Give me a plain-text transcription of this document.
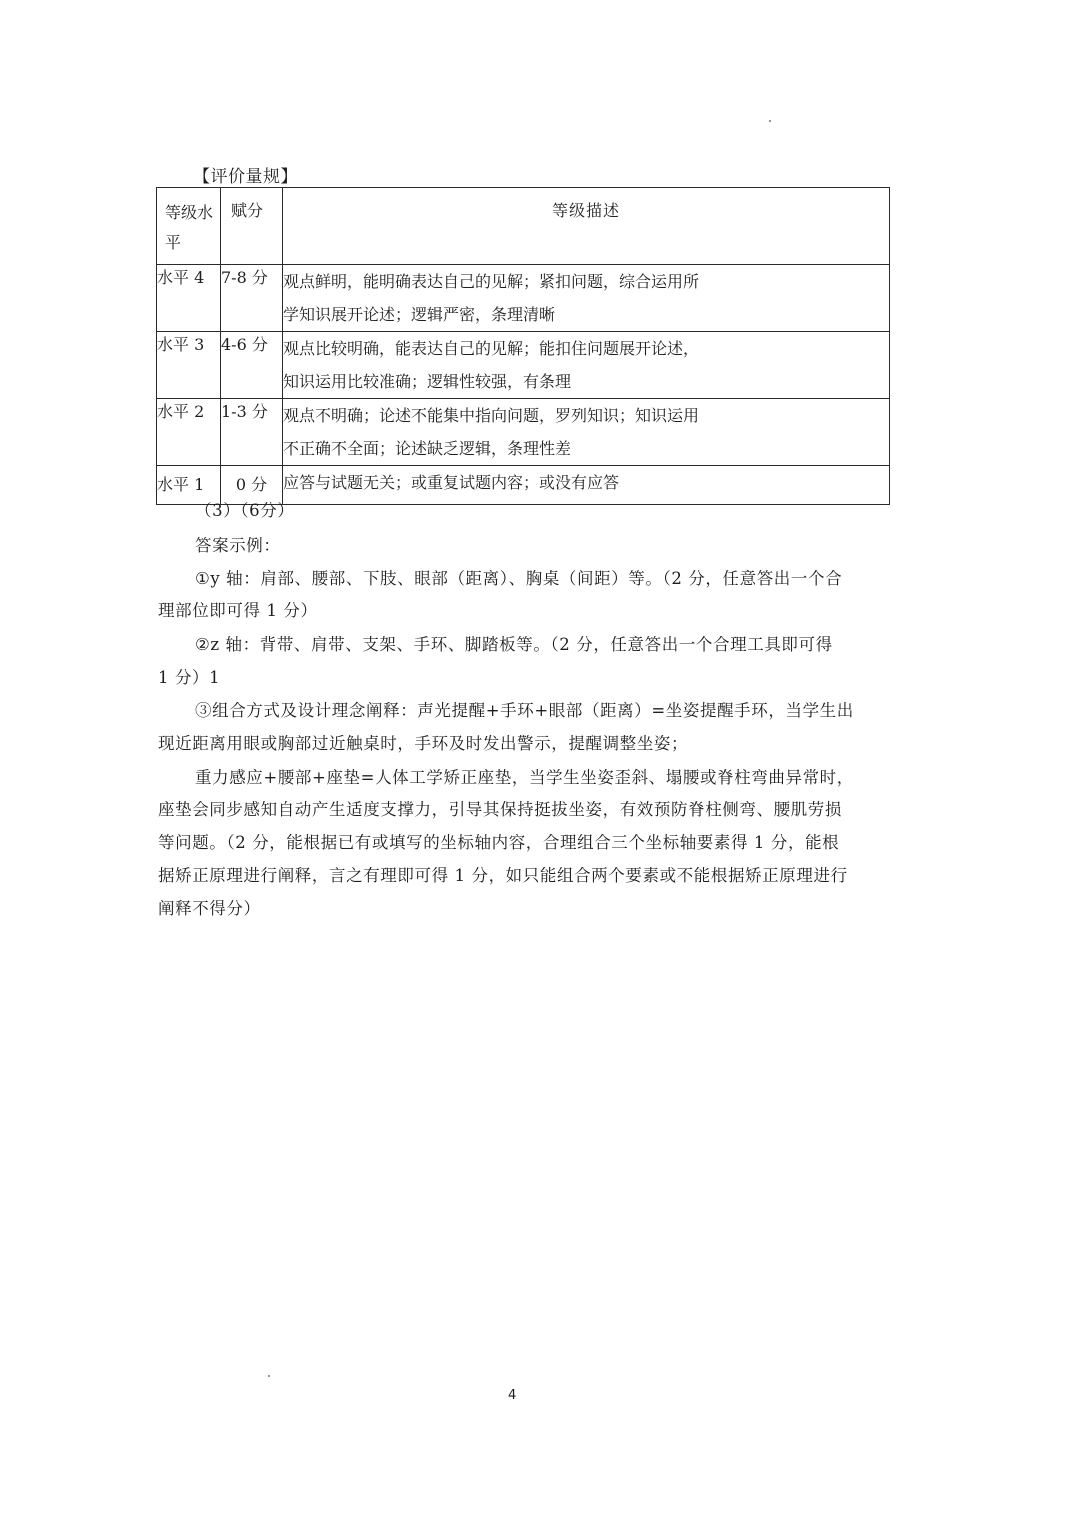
【评价量规】
等级水平	赋分	等级描述
水平 4	7-8 分	观点鲜明，能明确表达自己的见解；紧扣问题，综合运用所
学知识展开论述；逻辑严密，条理清晰

水平 3	4-6 分	观点比较明确，能表达自己的见解；能扣住问题展开论述，
知识运用比较准确；逻辑性较强，有条理

水平 2	1-3 分	观点不明确；论述不能集中指向问题，罗列知识；知识运用
不正确不全面；论述缺乏逻辑，条理性差

水平 1	0 分	应答与试题无关；或重复试题内容；或没有应答
（3）（6分）
答案示例：
①y 轴：肩部、腰部、下肢、眼部（距离）、胸桌（间距）等。（2 分，任意答出一个合
理部位即可得 1 分）
②z 轴：背带、肩带、支架、手环、脚踏板等。（2 分，任意答出一个合理工具即可得
1 分）1
③组合方式及设计理念阐释：声光提醒+手环+眼部（距离）=坐姿提醒手环，当学生出
现近距离用眼或胸部过近触桌时，手环及时发出警示，提醒调整坐姿；
重力感应+腰部+座垫=人体工学矫正座垫，当学生坐姿歪斜、塌腰或脊柱弯曲异常时，
座垫会同步感知自动产生适度支撑力，引导其保持挺拔坐姿，有效预防脊柱侧弯、腰肌劳损
等问题。（2 分，能根据已有或填写的坐标轴内容，合理组合三个坐标轴要素得 1 分，能根
据矫正原理进行阐释，言之有理即可得 1 分，如只能组合两个要素或不能根据矫正原理进行
阐释不得分）
4
